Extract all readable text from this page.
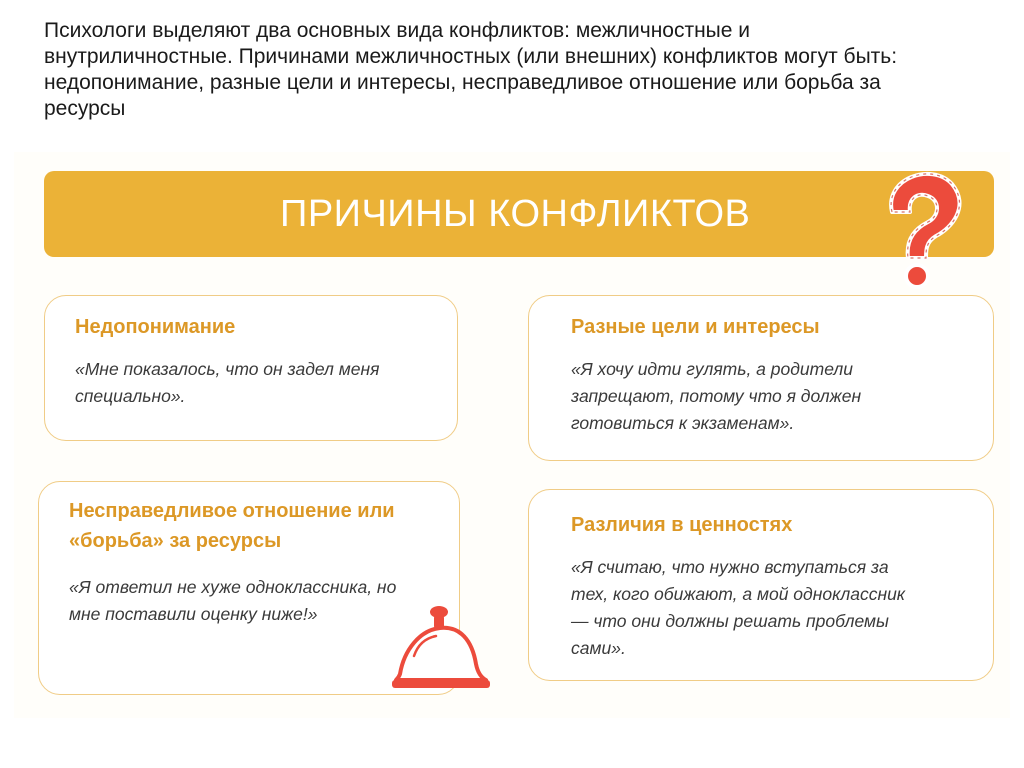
Психологи выделяют два основных вида конфликтов: межличностные и внутриличностные. Причинами межличностных (или внешних) конфликтов могут быть: недопонимание, разные цели и интересы, несправедливое отношение или борьба за ресурсы
ПРИЧИНЫ КОНФЛИКТОВ
Недопонимание
«Мне показалось, что он задел меня специально».
Разные цели и интересы
«Я хочу идти гулять, а родители запрещают, потому что я должен готовиться к экзаменам».
Несправедливое отношение или «борьба» за ресурсы
«Я ответил не хуже одноклассника, но мне поставили оценку ниже!»
Различия в ценностях
«Я считаю, что нужно вступаться за тех, кого обижают, а мой одноклассник — что они должны решать проблемы сами».
